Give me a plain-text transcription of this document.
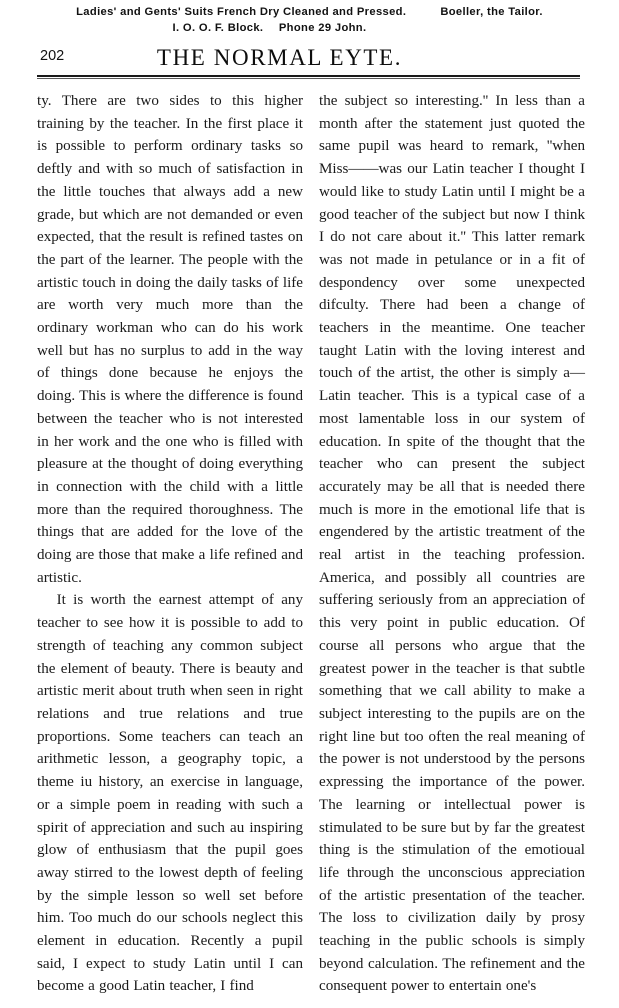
Ladies' and Gents' Suits French Dry Cleaned and Pressed.	Boeller, the Tailor.
I. O. O. F. Block. Phone 29 John.
202	THE NORMAL EYTE.

ty. There are two sides to this higher training by the teacher. In the first place it is possible to perform ordinary tasks so deftly and with so much of satisfaction in the little touches that always add a new grade, but which are not demanded or even expected, that the result is refined tastes on the part of the learner. The people with the artistic touch in doing the daily tasks of life are worth very much more than the ordinary workman who can do his work well but has no surplus to add in the way of things done because he enjoys the doing. This is where the difference is found between the teacher who is not interested in her work and the one who is filled with pleasure at the thought of doing everything in connection with the child with a little more than the required thoroughness. The things that are added for the love of the doing are those that make a life refined and artistic.

It is worth the earnest attempt of any teacher to see how it is possible to add to strength of teaching any common subject the element of beauty. There is beauty and artistic merit about truth when seen in right relations and true relations and true proportions. Some teachers can teach an arithmetic lesson, a geography topic, a theme iu history, an exercise in language, or a simple poem in reading with such a spirit of appreciation and such au inspiring glow of enthusiasm that the pupil goes away stirred to the lowest depth of feeling by the simple lesson so well set before him. Too much do our schools neglect this element in education. Recently a pupil said, I expect to study Latin until I can become a good Latin teacher, I find

the subject so interesting.'' In less than a month after the statement just quoted the same pupil was heard to remark, ''when Miss——was our Latin teacher I thought I would like to study Latin until I might be a good teacher of the subject but now I think I do not care about it.'' This latter remark was not made in petulance or in a fit of despondency over some unexpected difculty. There had been a change of teachers in the meantime. One teacher taught Latin with the loving interest and touch of the artist, the other is simply a—Latin teacher. This is a typical case of a most lamentable loss in our system of education. In spite of the thought that the teacher who can present the subject accurately may be all that is needed there much is more in the emotional life that is engendered by the artistic treatment of the real artist in the teaching profession. America, and possibly all countries are suffering seriously from an appreciation of this very point in public education. Of course all persons who argue that the greatest power in the teacher is that subtle something that we call ability to make a subject interesting to the pupils are on the right line but too often the real meaning of the power is not understood by the persons expressing the importance of the power. The learning or intellectual power is stimulated to be sure but by far the greatest thing is the stimulation of the emotioual life through the unconscious appreciation of the artistic presentation of the teacher. The loss to civilization daily by prosy teaching in the public schools is simply beyond calculation. The refinement and the consequent power to entertain one's
